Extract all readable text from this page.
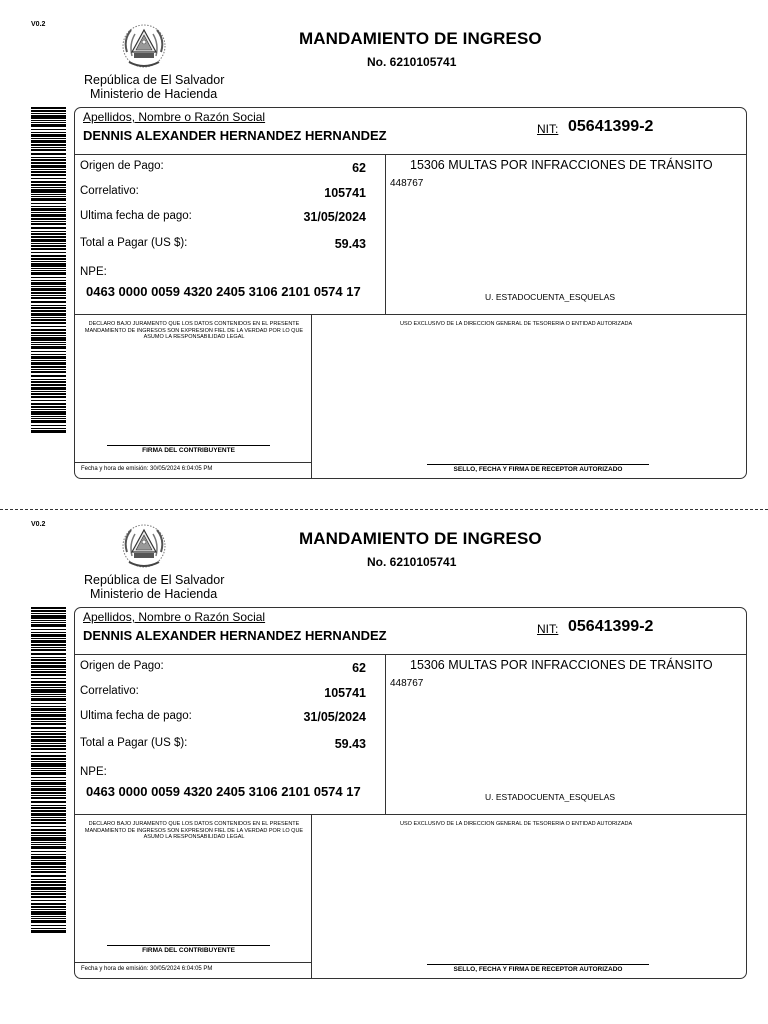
V0.2
República de El Salvador
Ministerio de Hacienda
MANDAMIENTO DE INGRESO
No. 6210105741
Apellidos, Nombre o Razón Social
DENNIS ALEXANDER HERNANDEZ HERNANDEZ	NIT: 05641399-2
Origen de Pago:	62
Correlativo:	105741
Ultima fecha de pago:	31/05/2024
Total a Pagar (US $):	59.43
NPE:
0463 0000 0059 4320 2405 3106 2101 0574 17
15306 MULTAS POR INFRACCIONES DE TRÁNSITO
448767
U. ESTADOCUENTA_ESQUELAS
DECLARO BAJO JURAMENTO QUE LOS DATOS CONTENIDOS EN EL PRESENTE MANDAMIENTO DE INGRESOS SON EXPRESION FIEL DE LA VERDAD POR LO QUE ASUMO LA RESPONSABILIDAD LEGAL
USO EXCLUSIVO DE LA DIRECCION GENERAL DE TESORERIA O ENTIDAD AUTORIZADA
FIRMA DEL CONTRIBUYENTE
Fecha y hora de emisión: 30/05/2024 6:04:05 PM	SELLO, FECHA Y FIRMA DE RECEPTOR AUTORIZADO
V0.2
República de El Salvador
Ministerio de Hacienda
MANDAMIENTO DE INGRESO
No. 6210105741
Apellidos, Nombre o Razón Social
DENNIS ALEXANDER HERNANDEZ HERNANDEZ	NIT: 05641399-2
Origen de Pago:	62
Correlativo:	105741
Ultima fecha de pago:	31/05/2024
Total a Pagar (US $):	59.43
NPE:
0463 0000 0059 4320 2405 3106 2101 0574 17
15306 MULTAS POR INFRACCIONES DE TRÁNSITO
448767
U. ESTADOCUENTA_ESQUELAS
DECLARO BAJO JURAMENTO QUE LOS DATOS CONTENIDOS EN EL PRESENTE MANDAMIENTO DE INGRESOS SON EXPRESION FIEL DE LA VERDAD POR LO QUE ASUMO LA RESPONSABILIDAD LEGAL
USO EXCLUSIVO DE LA DIRECCION GENERAL DE TESORERIA O ENTIDAD AUTORIZADA
FIRMA DEL CONTRIBUYENTE
Fecha y hora de emisión: 30/05/2024 6:04:05 PM	SELLO, FECHA Y FIRMA DE RECEPTOR AUTORIZADO
